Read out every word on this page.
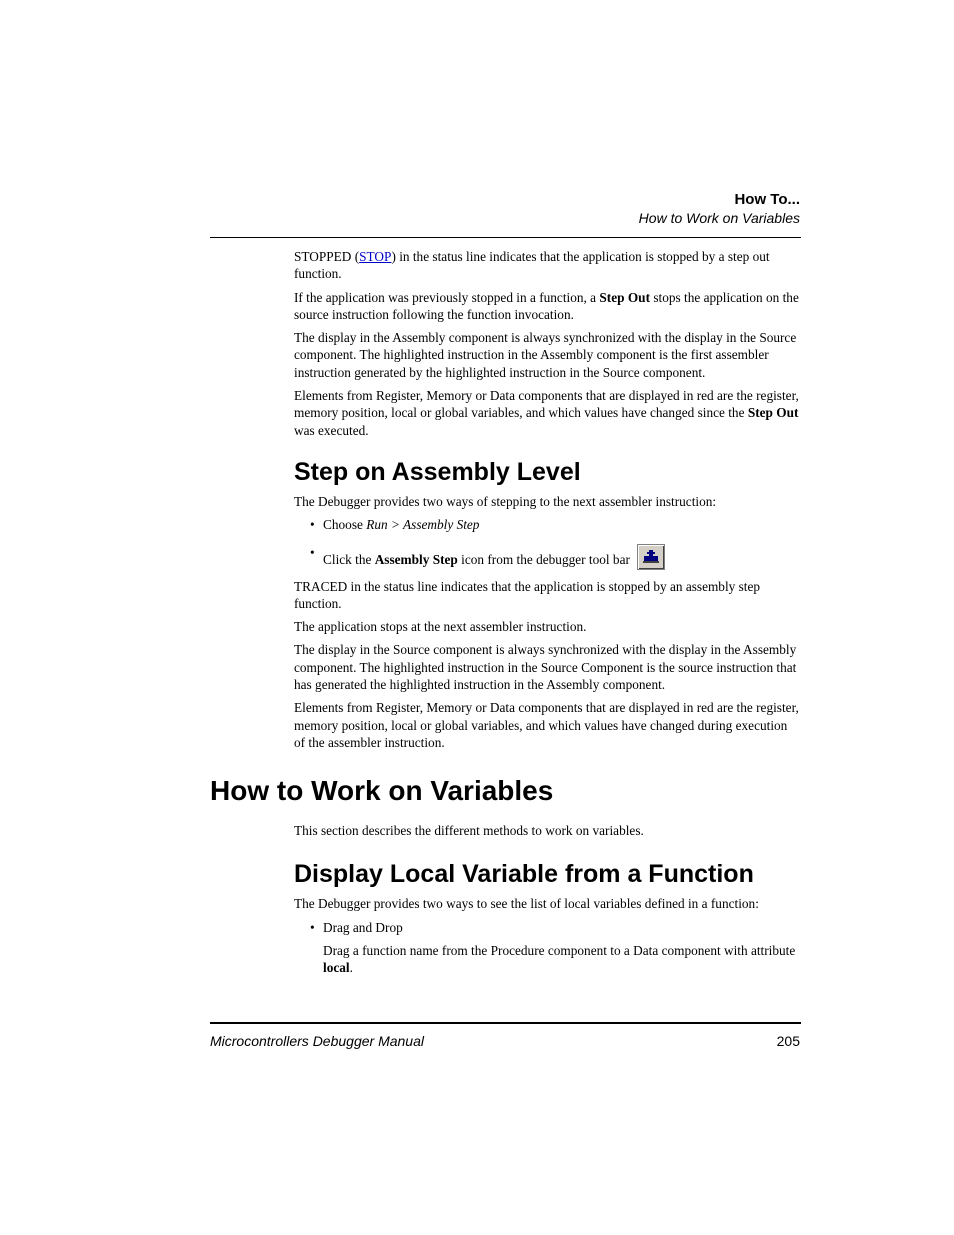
How To...
How to Work on Variables

STOPPED (STOP) in the status line indicates that the application is stopped by a step out function.

If the application was previously stopped in a function, a Step Out stops the application on the source instruction following the function invocation.

The display in the Assembly component is always synchronized with the display in the Source component. The highlighted instruction in the Assembly component is the first assembler instruction generated by the highlighted instruction in the Source component.

Elements from Register, Memory or Data components that are displayed in red are the register, memory position, local or global variables, and which values have changed since the Step Out was executed.

Step on Assembly Level

The Debugger provides two ways of stepping to the next assembler instruction:

• Choose Run > Assembly Step
• Click the Assembly Step icon from the debugger tool bar

TRACED in the status line indicates that the application is stopped by an assembly step function.

The application stops at the next assembler instruction.

The display in the Source component is always synchronized with the display in the Assembly component. The highlighted instruction in the Source Component is the source instruction that has generated the highlighted instruction in the Assembly component.

Elements from Register, Memory or Data components that are displayed in red are the register, memory position, local or global variables, and which values have changed during execution of the assembler instruction.

How to Work on Variables

This section describes the different methods to work on variables.

Display Local Variable from a Function

The Debugger provides two ways to see the list of local variables defined in a function:

• Drag and Drop

Drag a function name from the Procedure component to a Data component with attribute local.

Microcontrollers Debugger Manual	205
